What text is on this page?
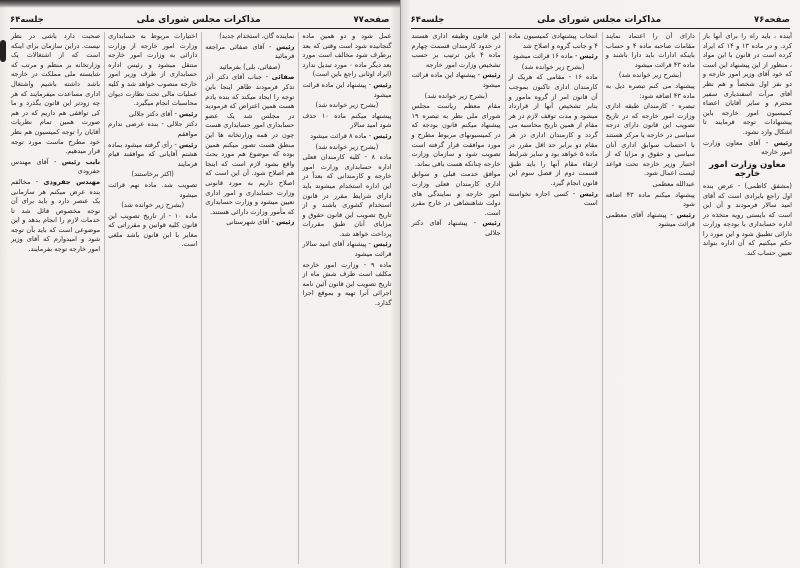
صفحه۷۷
مذاکرات مجلس شورای ملی
جلسه۶۴

عمل شود و دو همین ماده گنجانیده شود است وقتی که بعد برطرف شود مخالف است مورد بعد دیگر ماده ۰ مورد تبدیل ندارد (ایراد اوثانی راجع باین است)

رئیس - پیشنهاد این ماده قرائت میشود

(بشرح زیر خوانده شد)

پیشنهاد میکنم ماده ۱۰ حذف شود امید سالار

رئیس - ماده ۸ قرائت میشود

(بشرح زیر خوانده شد)

ماده ۸ - کلیه کارمندان فعلی اداره حسابداری وزارت امور خارجه و کارمندانی که بعداً در این اداره استخدام میشوند باید دارای شرایط مقرر در قانون استخدام کشوری باشند و از تاریخ تصویب این قانون حقوق و مزایای آنان طبق مقررات پرداخت خواهد شد.

رئیس - پیشنهاد آقای امید سالار قرائت میشود

ماده ۹ - وزارت امور خارجه مکلف است ظرف شش ماه از تاریخ تصویب این قانون آئین نامه اجرائی آنرا تهیه و بموقع اجرا گذارد.

نماینده گان، استخدام جدید)

رئیس - آقای صفائی مراجعه فرمائید

(صفائی، بلی) بفرمائید

صفائی - جناب آقای دکتر آذر تذکر فرمودند ظاهر اینجا باین توجه را ایجاد میکند که بنده یادم هست همین اعتراض که فرمودید در مجلس شد یک عضو حسابداری امور حسابداری هست چون در همه وزارتخانه ها این منطق هست تصور میکنم همین بوده که موضوع هم مورد بحث واقع بشود لازم است که اینجا هم اصلاح شود. آن این است که اصلاح داریم به مورد قانونی وزارت حسابداری و امور اداری تعیین میشود و وزارت حسابداری که مأمور وزارت دارائی هستند.

رئیس - آقای شهرستانی

اختیارات مربوط به حسابداری وزارت امور خارجه از وزارت دارائی به وزارت امور خارجه منتقل میشود و رئیس اداره حسابداری از طرف وزیر امور خارجه منصوب خواهد شد و کلیه عملیات مالی تحت نظارت دیوان محاسبات انجام میگیرد.

رئیس - آقای دکتر جلالی

دکتر جلالی - بنده عرضی ندارم موافقم

رئیس - رأی گرفته میشود بماده هشتم آقایانی که موافقند قیام فرمایند

(اکثر برخاستند)

تصویب شد. ماده نهم قرائت میشود

(بشرح زیر خوانده شد)

ماده ۱۰ - از تاریخ تصویب این قانون کلیه قوانین و مقرراتی که مغایر با این قانون باشد ملغی است.

صحبت دارد باشی در نظر نیست. دراین سازمان برای اینکه است که از اشتغالات یک وزارتخانه بر منظم و مرتب که شایسته ملی مملکت در خارجه باشد داشته باشیم واشتغال اداری مساعدت میفرمایند که هر چه زودتر این قانون بگذرد و ما کی توافقی هم داریم که در هم صورت همین تمام نظریات آقایان را توجه کمیسیون هم نظر خود مطرح ماست مورد توجه قرار میدهیم.

نایب رئیس - آقای مهندس جفرودی

مهندس جفرودی - مخالفم بنده عرض میکنم هر سازمانی یک عنصر دارد و باید برای آن توجه مخصوص قائل شد تا خدمات لازم را انجام بدهد و این موضوعی است که باید بآن توجه شود و امیدوارم که آقای وزیر امور خارجه توجه بفرمایند.

صفحه۷۶
مذاکرات مجلس شورای ملی
جلسه۶۴

آینده ، باید راه را برای آنها باز کرد. و در ماده ۱۳ و ۱۴ که ایراد کرده است در قانون با این مواد ، منظور از این پیشنهاد این است که خود آقای وزیر امور خارجه و دو نفر اول شخصاً و هم نظر آقای مرآت اسفندیاری سفیر محترم و سایر آقایان اعضاء کمیسیون امور خارجه باین پیشنهادات توجه فرمایند تا اشکال وارد نشود.

رئیس - آقای معاون وزارت امور خارجه

معاون وزارت امور خارجه

(مشفق کاظمی) - عرض بنده اول راجع بایرادی است که آقای امید سالار فرمودند و آن این است که بایستی رویه متخذه در اداره حسابداری با بودجه وزارت دارائی تطبیق شود و این مورد را حکم میکنیم که آن اداره بتواند تعیین حساب کند.

دارای آن را اعتماد نمایند مقامات صاحبه ماده ۴ و حساب باینکه ادارات باید دارا باشند و ماده ۴۳ قرائت میشود

(بشرح زیر خوانده شد)

پیشنهاد می کنم تبصره ذیل به ماده ۴۳ اضافه شود:

تبصره - کارمندان طبقه اداری وزارت امور خارجه که در تاریخ تصویب این قانون دارای درجه سیاسی در خارجه یا مرکز هستند با احتساب سوابق اداری آنان سیاسی و حقوق و مزایا که از اختیار وزیر خارجه تحت قواعد لیست اعمال شود.

عبدالله معظمی

پیشنهاد میکنم ماده ۴۳ اضافه شود

رئیس - پیشنهاد آقای معظمی قرائت میشود

انتخاب پیشنهادی کمیسیون ماده ۴ و جانب گروه و اصلاح شد

رئیس - ماده ۱۶ قرائت میشود

(بشرح زیر خوانده شد)

ماده ۱۶ - مقامی که هریک از کارمندان اداری تاکنون بموجب آن قانون امر از گروه مامور و بنابر تشخیص آنها از قرارداد میشود و مدت توقف لازم در هر مقام از همین تاریخ محاسبه می گردد و کارمندان اداری در هر مقام دو برابر حد اقل مقرر در ماده ۵ خواهد بود و سایر شرایط ارتقاء مقام آنها را باید طبق قسمت دوم از فصل سوم این قانون انجام گیرد.

رئیس - کسی اجازه نخواسته است

این قانون وظیفه اداری هستند در حدود کارمندان قسمت چهارم ماده ۴ باین ترتیب بر حسب تشخیص وزارت امور خارجه

رئیس - پیشنهاد این ماده قرائت میشود

(بشرح زیر خوانده شد)

مقام معظم ریاست مجلس شورای ملی نظر به تبصره ۱۹ پیشنهاد میکنم قانون بودجه که در کمیسیونهای مربوط مطرح و مورد موافقت قرار گرفته است تصویب شود و سازمان وزارت خارجه چنانکه هست باقی بماند.

موافق خدمت قبلی و سوابق اداری کارمندان فعلی وزارت امور خارجه و نمایندگی های دولت شاهنشاهی در خارج مقرر است.

رئیس - پیشنهاد آقای دکتر جلالی
